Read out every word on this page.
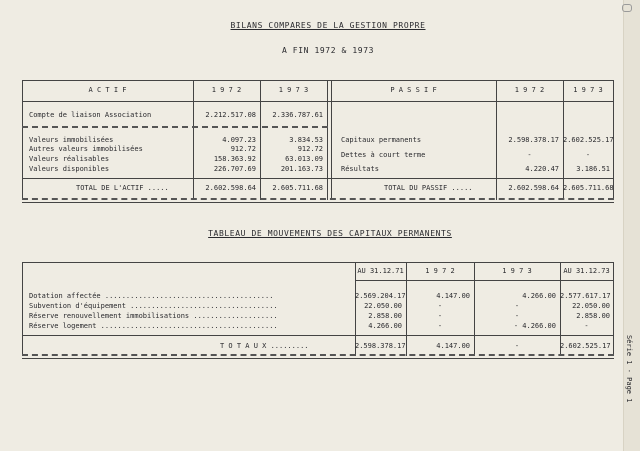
Série 1 - Page 1
BILANS COMPARES DE LA GESTION PROPRE
A FIN 1972 & 1973
A C T I F	1 9 7 2	1 9 7 3	P A S S I F	1 9 7 2	1 9 7 3
Compte de liaison Association	2.212.517.08	2.336.787.61
Valeurs immobilisées	4.097.23	3.834.53
Autres valeurs immobilisées	912.72	912.72
Valeurs réalisables	158.363.92	63.013.09
Valeurs disponibles	226.707.69	201.163.73
Capitaux permanents	2.598.378.17 2.602.525.17
Dettes à court terme	-	-
Résultats	4.220.47	3.186.51
TOTAL DE L'ACTIF .....	2.602.598.64	2.605.711.68	TOTAL DU PASSIF .....	2.602.598.64 2.605.711.68
TABLEAU DE MOUVEMENTS DES CAPITAUX PERMANENTS
AU 31.12.71	1 9 7 2	1 9 7 3	AU 31.12.73
Dotation affectée ........................................	2.569.204.17	4.147.00	4.266.00 2.577.617.17
Subvention d'équipement ...................................	22.050.00	-	-	22.050.00
Réserve renouvellement immobilisations ....................	2.858.00	-	-	2.858.00
Réserve logement ..........................................	4.266.00	-	- 4.266.00	-
T O T A U X .........	2.598.378.17	4.147.00	-	2.602.525.17
